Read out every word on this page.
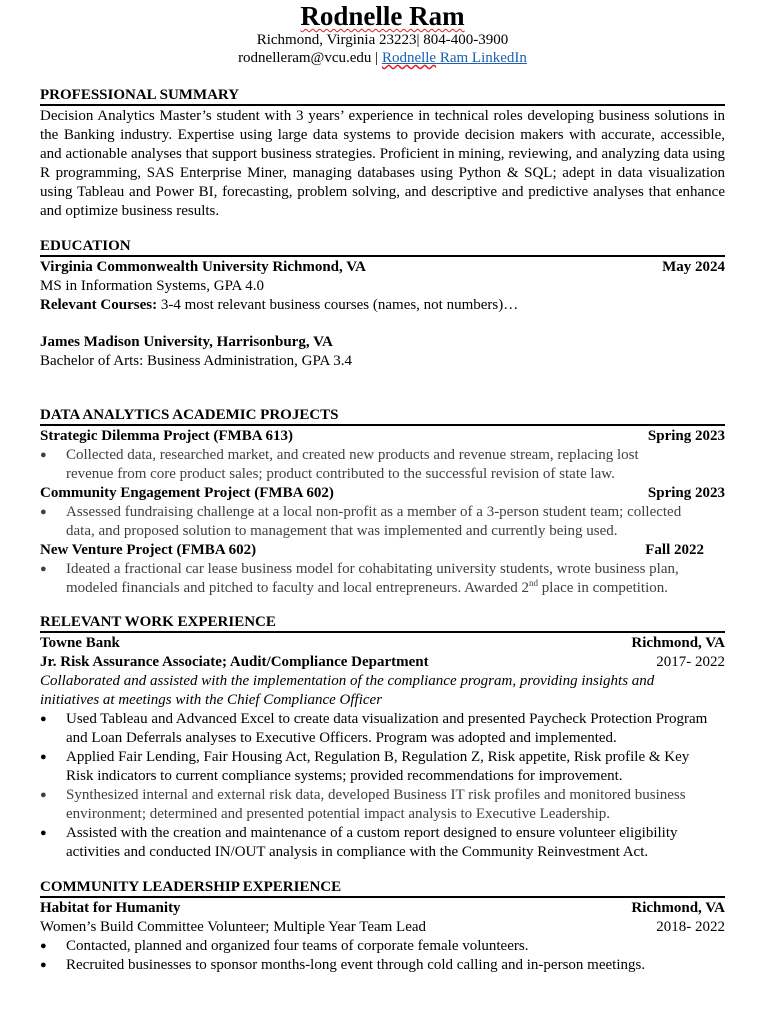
Rodnelle Ram
Richmond, Virginia 23223| 804-400-3900
rodnelleram@vcu.edu | Rodnelle Ram LinkedIn
PROFESSIONAL SUMMARY
Decision Analytics Master’s student with 3 years’ experience in technical roles developing business solutions in the Banking industry. Expertise using large data systems to provide decision makers with accurate, accessible, and actionable analyses that support business strategies. Proficient in mining, reviewing, and analyzing data using R programming, SAS Enterprise Miner, managing databases using Python & SQL; adept in data visualization using Tableau and Power BI, forecasting, problem solving, and descriptive and predictive analyses that enhance and optimize business results.
EDUCATION
Virginia Commonwealth University Richmond, VA	May 2024
MS in Information Systems, GPA 4.0
Relevant Courses: 3-4 most relevant business courses (names, not numbers)…
James Madison University, Harrisonburg, VA
Bachelor of Arts: Business Administration, GPA 3.4
DATA ANALYTICS ACADEMIC PROJECTS
Strategic Dilemma Project (FMBA 613)	Spring 2023
● Collected data, researched market, and created new products and revenue stream, replacing lost revenue from core product sales; product contributed to the successful revision of state law.
Community Engagement Project (FMBA 602)	Spring 2023
● Assessed fundraising challenge at a local non-profit as a member of a 3-person student team; collected data, and proposed solution to management that was implemented and currently being used.
New Venture Project (FMBA 602)	Fall 2022
● Ideated a fractional car lease business model for cohabitating university students, wrote business plan, modeled financials and pitched to faculty and local entrepreneurs. Awarded 2nd place in competition.
RELEVANT WORK EXPERIENCE
Towne Bank	Richmond, VA
Jr. Risk Assurance Associate; Audit/Compliance Department	2017- 2022
Collaborated and assisted with the implementation of the compliance program, providing insights and initiatives at meetings with the Chief Compliance Officer
● Used Tableau and Advanced Excel to create data visualization and presented Paycheck Protection Program and Loan Deferrals analyses to Executive Officers. Program was adopted and implemented.
● Applied Fair Lending, Fair Housing Act, Regulation B, Regulation Z, Risk appetite, Risk profile & Key Risk indicators to current compliance systems; provided recommendations for improvement.
● Synthesized internal and external risk data, developed Business IT risk profiles and monitored business environment; determined and presented potential impact analysis to Executive Leadership.
● Assisted with the creation and maintenance of a custom report designed to ensure volunteer eligibility activities and conducted IN/OUT analysis in compliance with the Community Reinvestment Act.
COMMUNITY LEADERSHIP EXPERIENCE
Habitat for Humanity	Richmond, VA
Women’s Build Committee Volunteer; Multiple Year Team Lead	2018- 2022
● Contacted, planned and organized four teams of corporate female volunteers.
● Recruited businesses to sponsor months-long event through cold calling and in-person meetings.
